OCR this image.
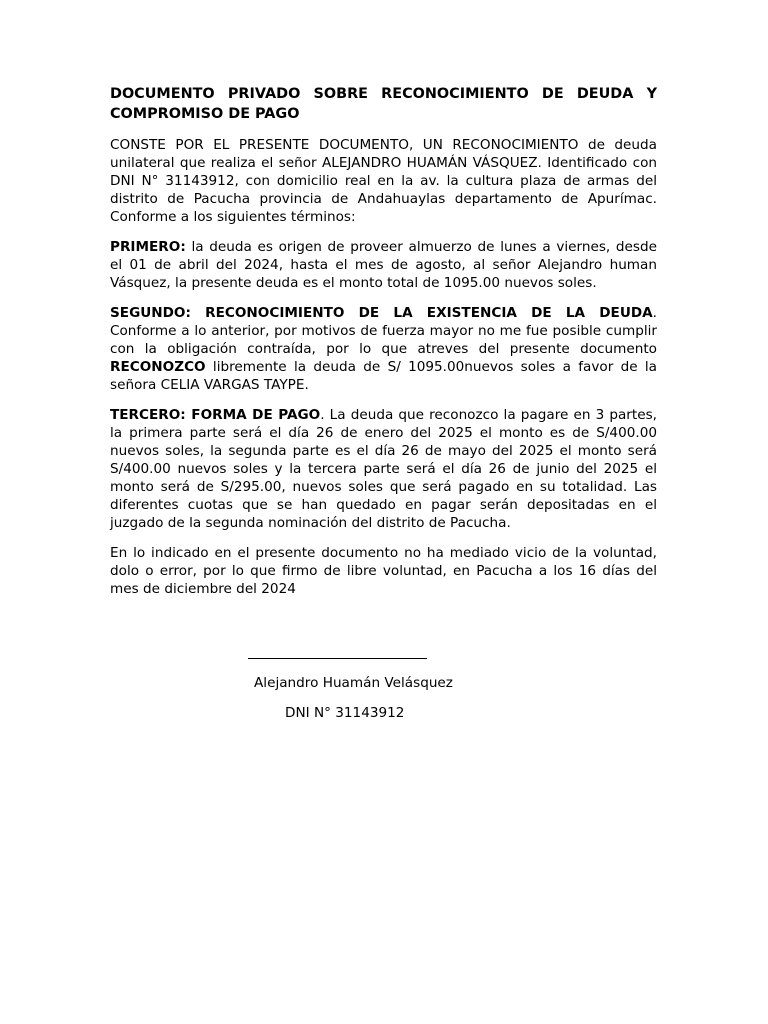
DOCUMENTO PRIVADO SOBRE RECONOCIMIENTO DE DEUDA Y COMPROMISO DE PAGO

CONSTE POR EL PRESENTE DOCUMENTO, UN RECONOCIMIENTO de deuda unilateral que realiza el señor ALEJANDRO HUAMÁN VÁSQUEZ. Identificado con DNI N° 31143912, con domicilio real en la av. la cultura plaza de armas del distrito de Pacucha provincia de Andahuaylas departamento de Apurímac. Conforme a los siguientes términos:

PRIMERO: la deuda es origen de proveer almuerzo de lunes a viernes, desde el 01 de abril del 2024, hasta el mes de agosto, al señor Alejandro human Vásquez, la presente deuda es el monto total de 1095.00 nuevos soles.

SEGUNDO: RECONOCIMIENTO DE LA EXISTENCIA DE LA DEUDA. Conforme a lo anterior, por motivos de fuerza mayor no me fue posible cumplir con la obligación contraída, por lo que atreves del presente documento RECONOZCO libremente la deuda de S/ 1095.00nuevos soles a favor de la señora CELIA VARGAS TAYPE.

TERCERO: FORMA DE PAGO. La deuda que reconozco la pagare en 3 partes, la primera parte será el día 26 de enero del 2025 el monto es de S/400.00 nuevos soles, la segunda parte es el día 26 de mayo del 2025 el monto será S/400.00 nuevos soles y la tercera parte será el día 26 de junio del 2025 el monto será de S/295.00, nuevos soles que será pagado en su totalidad. Las diferentes cuotas que se han quedado en pagar serán depositadas en el juzgado de la segunda nominación del distrito de Pacucha.

En lo indicado en el presente documento no ha mediado vicio de la voluntad, dolo o error, por lo que firmo de libre voluntad, en Pacucha a los 16 días del mes de diciembre del 2024

Alejandro Huamán Velásquez
DNI N° 31143912
